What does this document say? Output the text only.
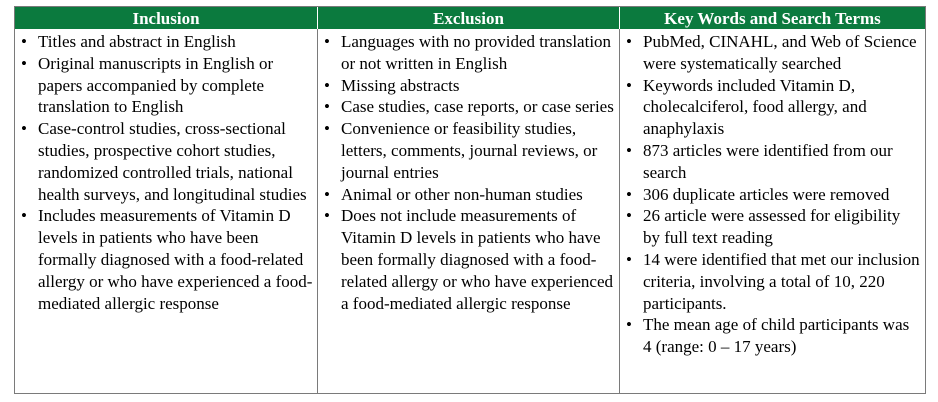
Inclusion	Exclusion	Key Words and Search Terms
• Titles and abstract in English
• Original manuscripts in English or papers accompanied by complete translation to English
• Case-control studies, cross-sectional studies, prospective cohort studies, randomized controlled trials, national health surveys, and longitudinal studies
• Includes measurements of Vitamin D levels in patients who have been formally diagnosed with a food-related allergy or who have experienced a food-mediated allergic response
• Languages with no provided translation or not written in English
• Missing abstracts
• Case studies, case reports, or case series
• Convenience or feasibility studies, letters, comments, journal reviews, or journal entries
• Animal or other non-human studies
• Does not include measurements of Vitamin D levels in patients who have been formally diagnosed with a food-related allergy or who have experienced a food-mediated allergic response
• PubMed, CINAHL, and Web of Science were systematically searched
• Keywords included Vitamin D, cholecalciferol, food allergy, and anaphylaxis
• 873 articles were identified from our search
• 306 duplicate articles were removed
• 26 article were assessed for eligibility by full text reading
• 14 were identified that met our inclusion criteria, involving a total of 10, 220 participants.
• The mean age of child participants was 4 (range: 0 – 17 years)
